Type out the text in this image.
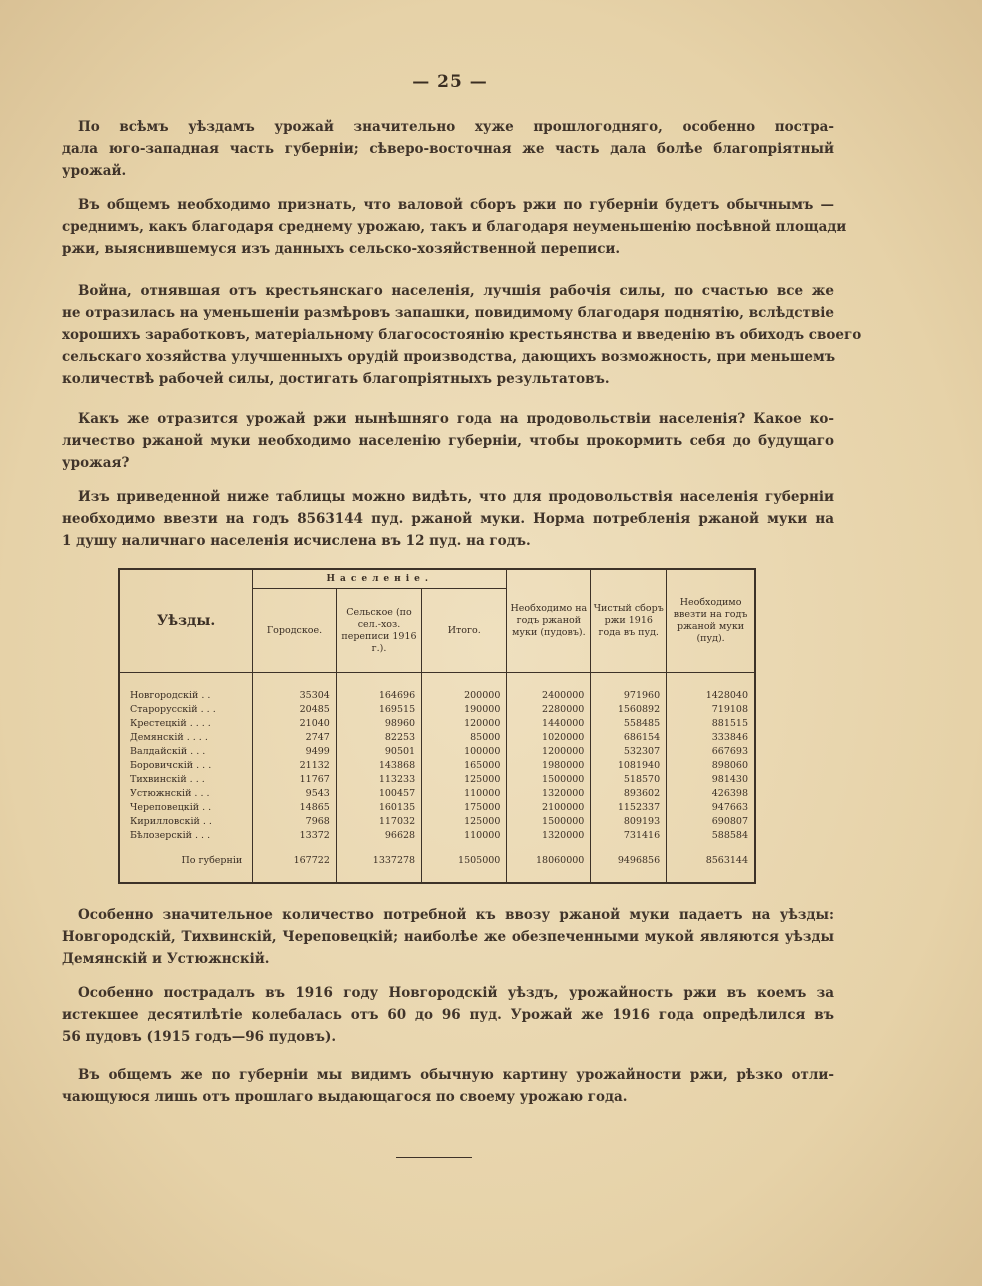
— 25 —
По всѣмъ уѣздамъ урожай значительно хуже прошлогодняго, особенно постра-
дала юго-западная часть губерніи; сѣверо-восточная же часть дала болѣе благопріятный
урожай.
Въ общемъ необходимо признать, что валовой сборъ ржи по губерніи будетъ обычнымъ —
среднимъ, какъ благодаря среднему урожаю, такъ и благодаря неуменьшенію посѣвной площади
ржи, выяснившемуся изъ данныхъ сельско-хозяйственной переписи.
Война, отнявшая отъ крестьянскаго населенія, лучшія рабочія силы, по счастью все же
не отразилась на уменьшеніи размѣровъ запашки, повидимому благодаря поднятію, вслѣдствіе
хорошихъ заработковъ, матеріальному благосостоянію крестьянства и введенію въ обиходъ своего
сельскаго хозяйства улучшенныхъ орудій производства, дающихъ возможность, при меньшемъ
количествѣ рабочей силы, достигать благопріятныхъ результатовъ.
Какъ же отразится урожай ржи нынѣшняго года на продовольствіи населенія? Какое ко-
личество ржаной муки необходимо населенію губерніи, чтобы прокормить себя до будущаго
урожая?
Изъ приведенной ниже таблицы можно видѣть, что для продовольствія населенія губерніи
необходимо ввезти на годъ 8563144 пуд. ржаной муки. Норма потребленія ржаной муки на
1 душу наличнаго населенія исчислена въ 12 пуд. на годъ.
Уѣзды.	Населеніе.			Необходимо на годъ ржаной муки (пудовъ).	Чистый сборъ ржи 1916 года въ пуд.	Необходимо ввезти на годъ ржаной муки (пуд).
	Городское.	Сельское (по сел.-хоз. переписи 1916 г.).	Итого.			

Новгородскій . .	35304	164696	200000	2400000	971960	1428040
Старорусскій . . .	20485	169515	190000	2280000	1560892	719108
Крестецкій . . . .	21040	98960	120000	1440000	558485	881515
Демянскій . . . .	2747	82253	85000	1020000	686154	333846
Валдайскій . . .	9499	90501	100000	1200000	532307	667693
Боровичскій . . .	21132	143868	165000	1980000	1081940	898060
Тихвинскій . . .	11767	113233	125000	1500000	518570	981430
Устюжнскій . . .	9543	100457	110000	1320000	893602	426398
Череповецкій . .	14865	160135	175000	2100000	1152337	947663
Кирилловскій . .	7968	117032	125000	1500000	809193	690807
Бѣлозерскій . . .	13372	96628	110000	1320000	731416	588584
По губерніи	167722	1337278	1505000	18060000	9496856	8563144
Особенно значительное количество потребной къ ввозу ржаной муки падаетъ на уѣзды:
Новгородскій, Тихвинскій, Череповецкій; наиболѣе же обезпеченными мукой являются уѣзды
Демянскій и Устюжнскій.
Особенно пострадалъ въ 1916 году Новгородскій уѣздъ, урожайность ржи въ коемъ за
истекшее десятилѣтіе колебалась отъ 60 до 96 пуд. Урожай же 1916 года опредѣлился въ
56 пудовъ (1915 годъ—96 пудовъ).
Въ общемъ же по губерніи мы видимъ обычную картину урожайности ржи, рѣзко отли-
чающуюся лишь отъ прошлаго выдающагося по своему урожаю года.
